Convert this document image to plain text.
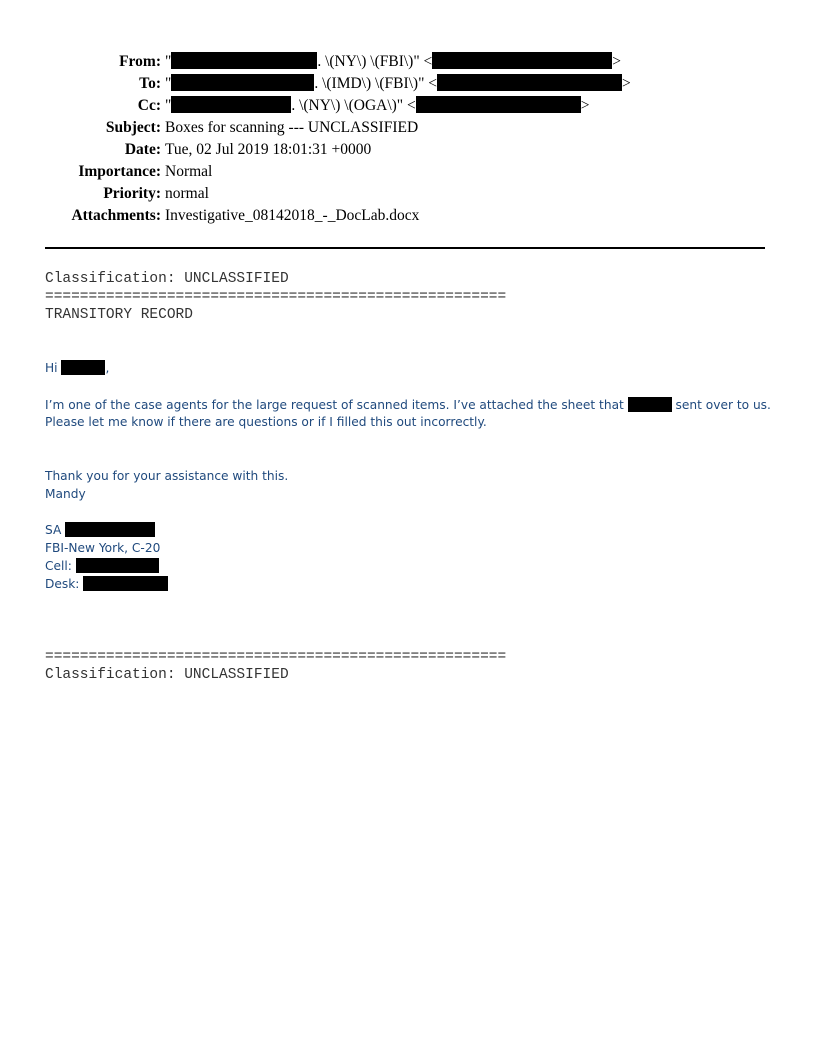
From: "	. \(NY\) \(FBI\)" <	>
To: "	. \(IMD\) \(FBI\)" <	>
Cc: "	. \(NY\) \(OGA\)" <	>
Subject: Boxes for scanning --- UNCLASSIFIED
Date: Tue, 02 Jul 2019 18:01:31 +0000
Importance: Normal
Priority: normal
Attachments: Investigative_08142018_-_DocLab.docx
Classification: UNCLASSIFIED
=====================================================
TRANSITORY RECORD
Hi	,
I’m one of the case agents for the large request of scanned items. I’ve attached the sheet that	sent over to us.
Please let me know if there are questions or if I filled this out incorrectly.
Thank you for your assistance with this.
Mandy
SA
FBI-New York, C-20
Cell:
Desk:
=====================================================
Classification: UNCLASSIFIED
